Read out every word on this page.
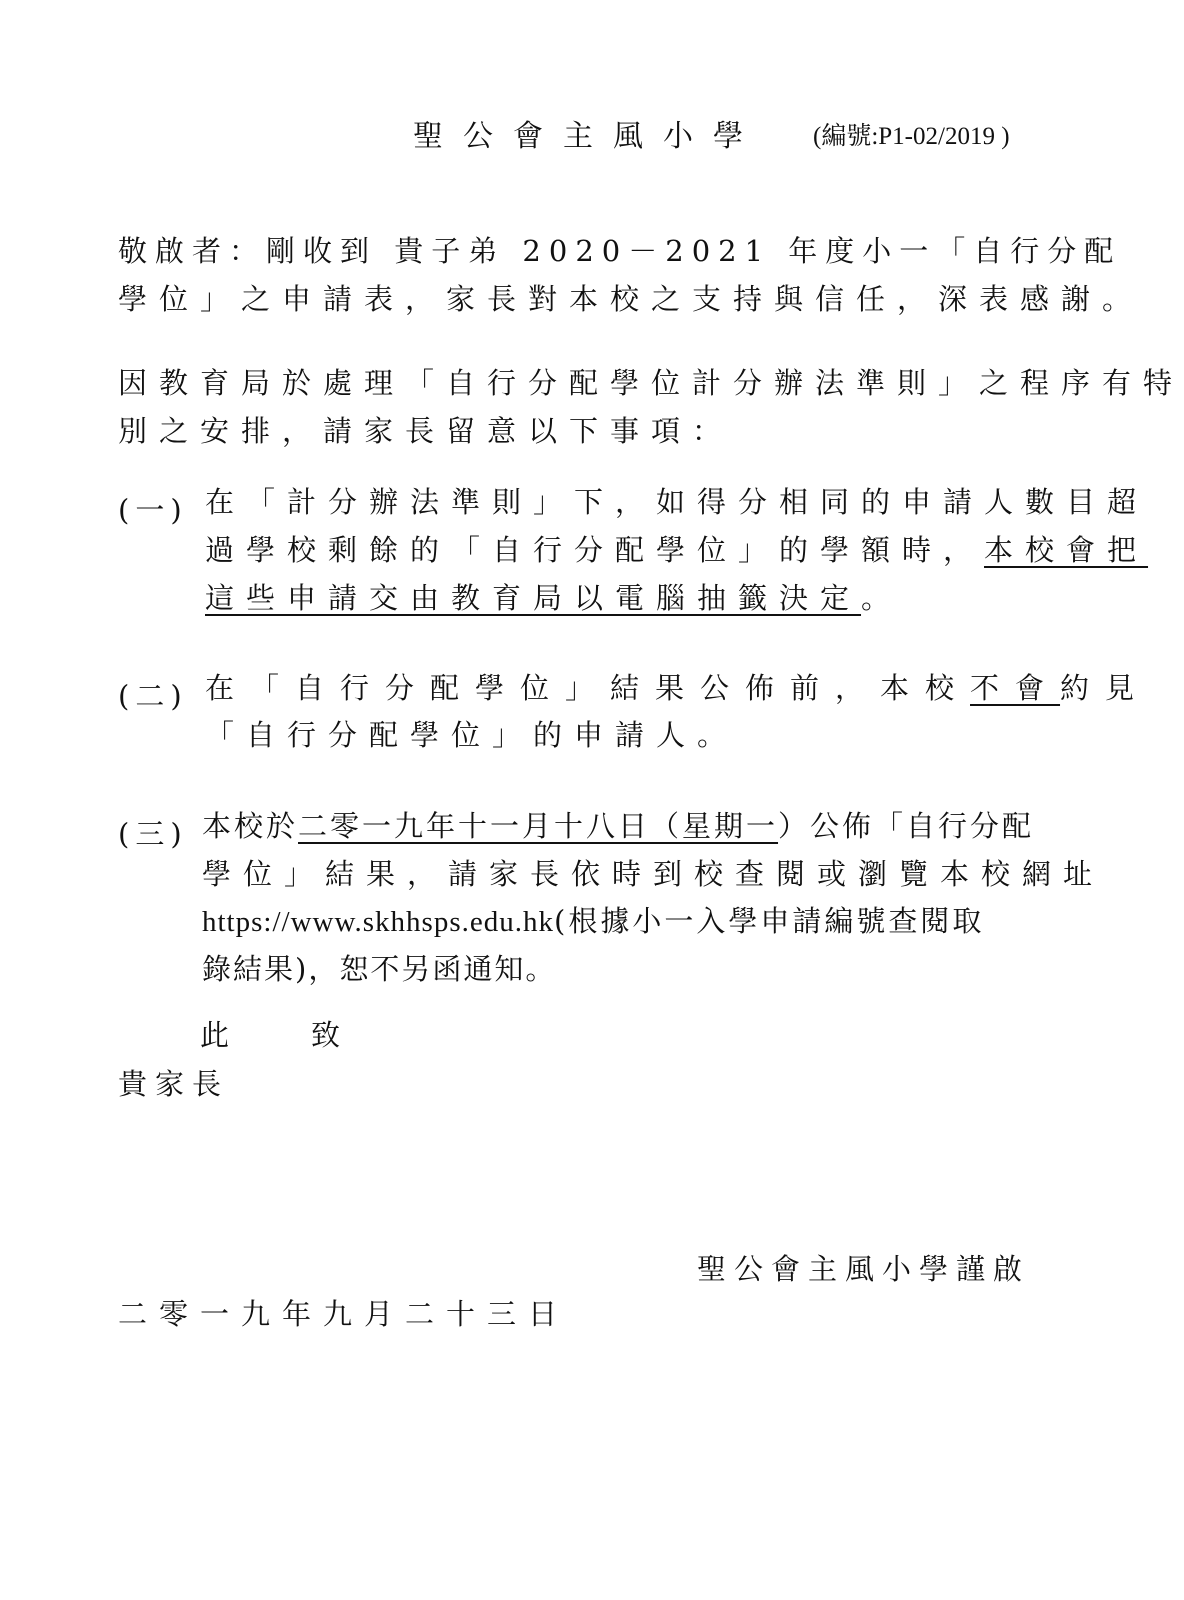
聖公會主風小學 (編號:P1-02/2019 )
敬啟者：剛收到 貴子弟 2020－2021 年度小一「自行分配
學位」之申請表，家長對本校之支持與信任，深表感謝。
因教育局於處理「自行分配學位計分辦法準則」之程序有特
別之安排，請家長留意以下事項：
(一) 在「計分辦法準則」下，如得分相同的申請人數目超
過學校剩餘的「自行分配學位」的學額時，本校會把
這些申請交由教育局以電腦抽籤決定。
(二) 在「自行分配學位」結果公佈前，本校不會約見
「自行分配學位」的申請人。
(三) 本校於二零一九年十一月十八日（星期一）公佈「自行分配
學位」結果，請家長依時到校查閱或瀏覽本校網址
https://www.skhhsps.edu.hk(根據小一入學申請編號查閱取
錄結果)，恕不另函通知。
此　　致
貴家長
聖公會主風小學謹啟
二零一九年九月二十三日
